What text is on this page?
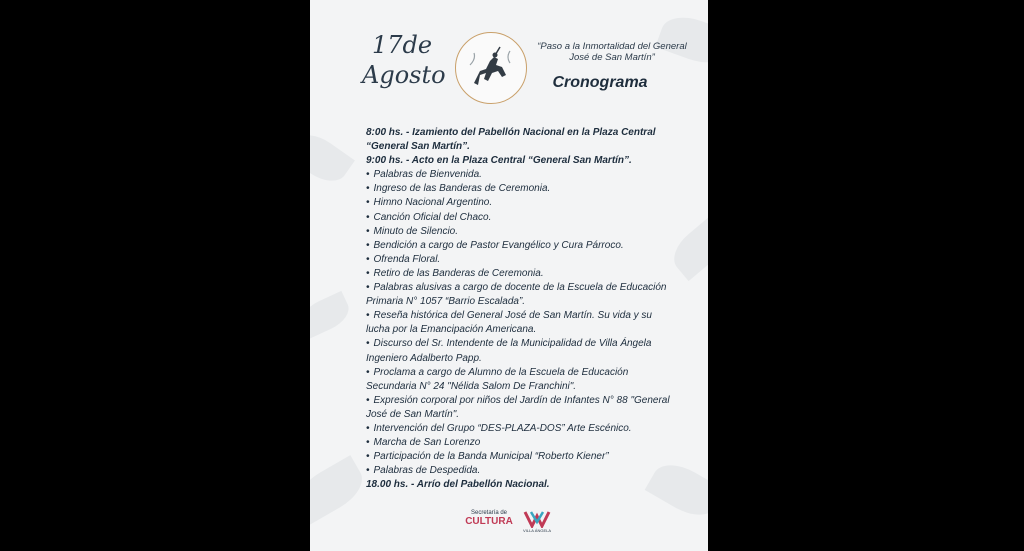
17de
Agosto
“Paso a la Inmortalidad del General José de San Martín”
Cronograma

8:00 hs. - Izamiento del Pabellón Nacional en la Plaza Central “General San Martín”.

9:00 hs. - Acto en la Plaza Central “General San Martín”.

• Palabras de Bienvenida.

• Ingreso de las Banderas de Ceremonia.

• Himno Nacional Argentino.

• Canción Oficial del Chaco.

• Minuto de Silencio.

• Bendición a cargo de Pastor Evangélico y Cura Párroco.

• Ofrenda Floral.

• Retiro de las Banderas de Ceremonia.

• Palabras alusivas a cargo de docente de la Escuela de Educación Primaria N° 1057 “Barrio Escalada”.

• Reseña histórica del General José de San Martín. Su vida y su lucha por la Emancipación Americana.

• Discurso del Sr. Intendente de la Municipalidad de Villa Ángela Ingeniero Adalberto Papp.

• Proclama a cargo de Alumno de la Escuela de Educación Secundaria N° 24 "Nélida Salom De Franchini".

• Expresión corporal por niños del Jardín de Infantes N° 88 "General José de San Martín".

• Intervención del Grupo “DES-PLAZA-DOS” Arte Escénico.

• Marcha de San Lorenzo

• Participación de la Banda Municipal “Roberto Kiener”

• Palabras de Despedida.

18.00 hs. - Arrío del Pabellón Nacional.

Secretaría de
CULTURA
VILLA ÁNGELA
